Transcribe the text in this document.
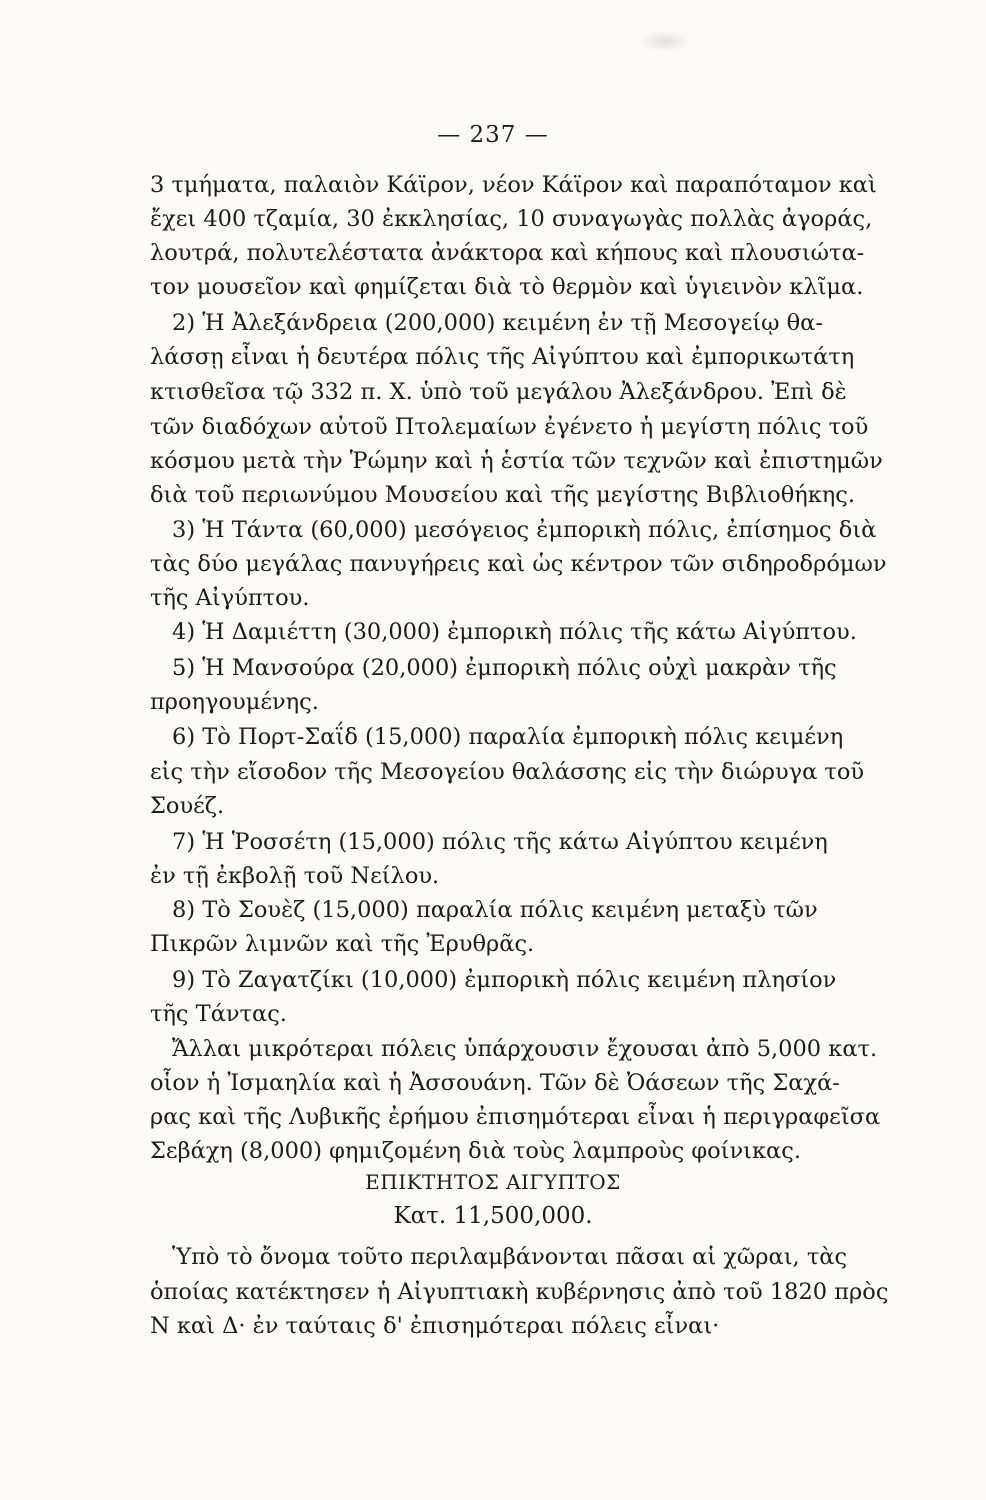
— 237 —
3 τμήματα, παλαιὸν Κάϊρον, νέον Κάϊρον καὶ παραπόταμον καὶ
ἔχει 400 τζαμία, 30 ἐκκλησίας, 10 συναγωγὰς πολλὰς ἀγοράς,
λουτρά, πολυτελέστατα ἀνάκτορα καὶ κήπους καὶ πλουσιώτα-
τον μουσεῖον καὶ φημίζεται διὰ τὸ θερμὸν καὶ ὑγιεινὸν κλῖμα.
2) Ἡ Ἀλεξάνδρεια (200,000) κειμένη ἐν τῇ Μεσογείῳ θα-
λάσσῃ εἶναι ἡ δευτέρα πόλις τῆς Αἰγύπτου καὶ ἐμπορικωτάτη
κτισθεῖσα τῷ 332 π. Χ. ὑπὸ τοῦ μεγάλου Ἀλεξάνδρου. Ἐπὶ δὲ
τῶν διαδόχων αὐτοῦ Πτολεμαίων ἐγένετο ἡ μεγίστη πόλις τοῦ
κόσμου μετὰ τὴν Ῥώμην καὶ ἡ ἑστία τῶν τεχνῶν καὶ ἐπιστημῶν
διὰ τοῦ περιωνύμου Μουσείου καὶ τῆς μεγίστης Βιβλιοθήκης.
3) Ἡ Τάντα (60,000) μεσόγειος ἐμπορικὴ πόλις, ἐπίσημος διὰ
τὰς δύο μεγάλας πανυγήρεις καὶ ὡς κέντρον τῶν σιδηροδρόμων
τῆς Αἰγύπτου.
4) Ἡ Δαμιέττη (30,000) ἐμπορικὴ πόλις τῆς κάτω Αἰγύπτου.
5) Ἡ Μανσούρα (20,000) ἐμπορικὴ πόλις οὐχὶ μακρὰν τῆς
προηγουμένης.
6) Τὸ Πορτ-Σαΐδ (15,000) παραλία ἐμπορικὴ πόλις κειμένη
εἰς τὴν εἴσοδον τῆς Μεσογείου θαλάσσης εἰς τὴν διώρυγα τοῦ
Σουέζ.
7) Ἡ Ῥοσσέτη (15,000) πόλις τῆς κάτω Αἰγύπτου κειμένη
ἐν τῇ ἐκβολῇ τοῦ Νείλου.
8) Τὸ Σουὲζ (15,000) παραλία πόλις κειμένη μεταξὺ τῶν
Πικρῶν λιμνῶν καὶ τῆς Ἐρυθρᾶς.
9) Τὸ Ζαγατζίκι (10,000) ἐμπορικὴ πόλις κειμένη πλησίον
τῆς Τάντας.
Ἄλλαι μικρότεραι πόλεις ὑπάρχουσιν ἔχουσαι ἀπὸ 5,000 κατ.
οἷον ἡ Ἰσμαηλία καὶ ἡ Ἀσσουάνη. Τῶν δὲ Ὀάσεων τῆς Σαχά-
ρας καὶ τῆς Λυβικῆς ἐρήμου ἐπισημότεραι εἶναι ἡ περιγραφεῖσα
Σεβάχη (8,000) φημιζομένη διὰ τοὺς λαμπροὺς φοίνικας.
ΕΠΙΚΤΗΤΟΣ ΑΙΓΥΠΤΟΣ
Κατ. 11,500,000.
Ὑπὸ τὸ ὄνομα τοῦτο περιλαμβάνονται πᾶσαι αἱ χῶραι, τὰς
ὁποίας κατέκτησεν ἡ Αἰγυπτιακὴ κυβέρνησις ἀπὸ τοῦ 1820 πρὸς
Ν καὶ Δ· ἐν ταύταις δ' ἐπισημότεραι πόλεις εἶναι·
